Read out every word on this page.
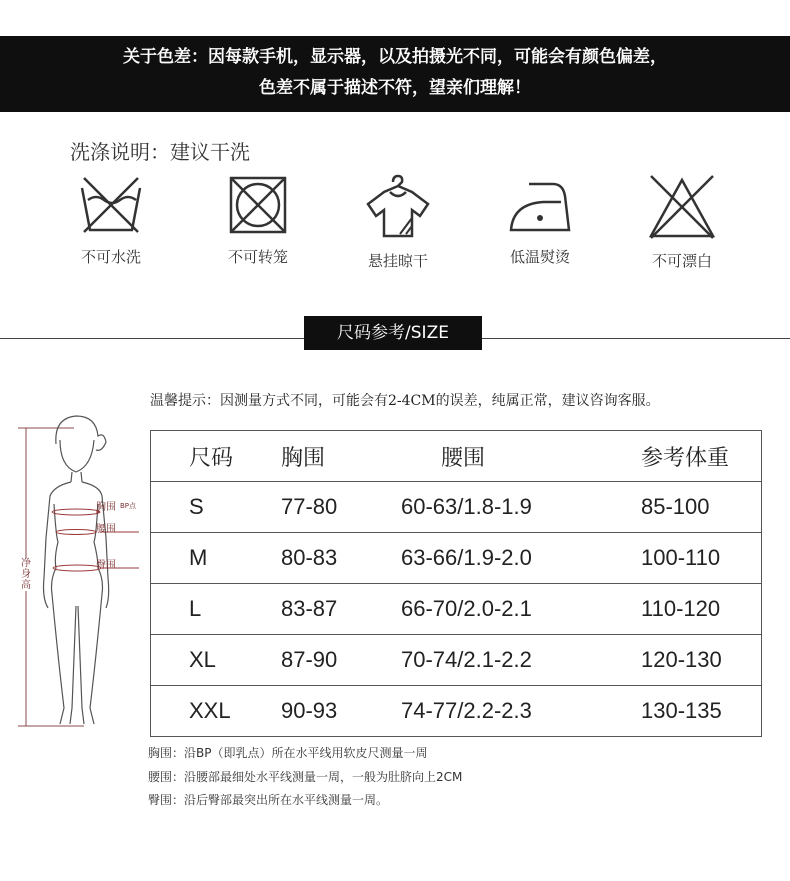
关于色差：因每款手机，显示器，以及拍摄光不同，可能会有颜色偏差，
色差不属于描述不符，望亲们理解！
洗涤说明：建议干洗
不可水洗	不可转笼	悬挂晾干	低温熨烫	不可漂白
尺码参考/SIZE
温馨提示：因测量方式不同，可能会有2-4CM的误差，纯属正常，建议咨询客服。
胸围 BP点
腰围
臀围
净身高
尺码	胸围	腰围	参考体重
S	77-80	60-63/1.8-1.9	85-100
M	80-83	63-66/1.9-2.0	100-110
L	83-87	66-70/2.0-2.1	110-120
XL	87-90	70-74/2.1-2.2	120-130
XXL	90-93	74-77/2.2-2.3	130-135
胸围：沿BP（即乳点）所在水平线用软皮尺测量一周
腰围：沿腰部最细处水平线测量一周，一般为肚脐向上2CM
臀围：沿后臀部最突出所在水平线测量一周。
